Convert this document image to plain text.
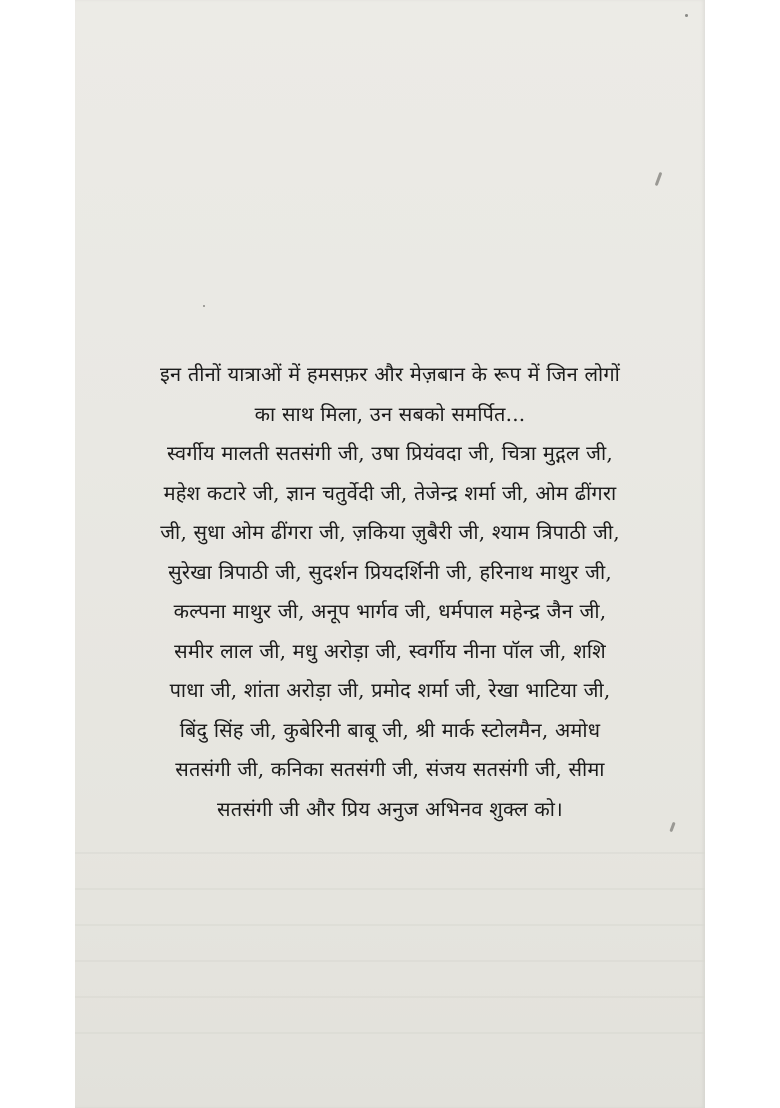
इन तीनों यात्राओं में हमसफ़र और मेज़बान के रूप में जिन लोगों
का साथ मिला, उन सबको समर्पित...
स्वर्गीय मालती सतसंगी जी, उषा प्रियंवदा जी, चित्रा मुद्गल जी,
महेश कटारे जी, ज्ञान चतुर्वेदी जी, तेजेन्द्र शर्मा जी, ओम ढींगरा
जी, सुधा ओम ढींगरा जी, ज़किया ज़ुबैरी जी, श्याम त्रिपाठी जी,
सुरेखा त्रिपाठी जी, सुदर्शन प्रियदर्शिनी जी, हरिनाथ माथुर जी,
कल्पना माथुर जी, अनूप भार्गव जी, धर्मपाल महेन्द्र जैन जी,
समीर लाल जी, मधु अरोड़ा जी, स्वर्गीय नीना पॉल जी, शशि
पाधा जी, शांता अरोड़ा जी, प्रमोद शर्मा जी, रेखा भाटिया जी,
बिंदु सिंह जी, कुबेरिनी बाबू जी, श्री मार्क स्टोलमैन, अमोध
सतसंगी जी, कनिका सतसंगी जी, संजय सतसंगी जी, सीमा
सतसंगी जी और प्रिय अनुज अभिनव शुक्ल को।
